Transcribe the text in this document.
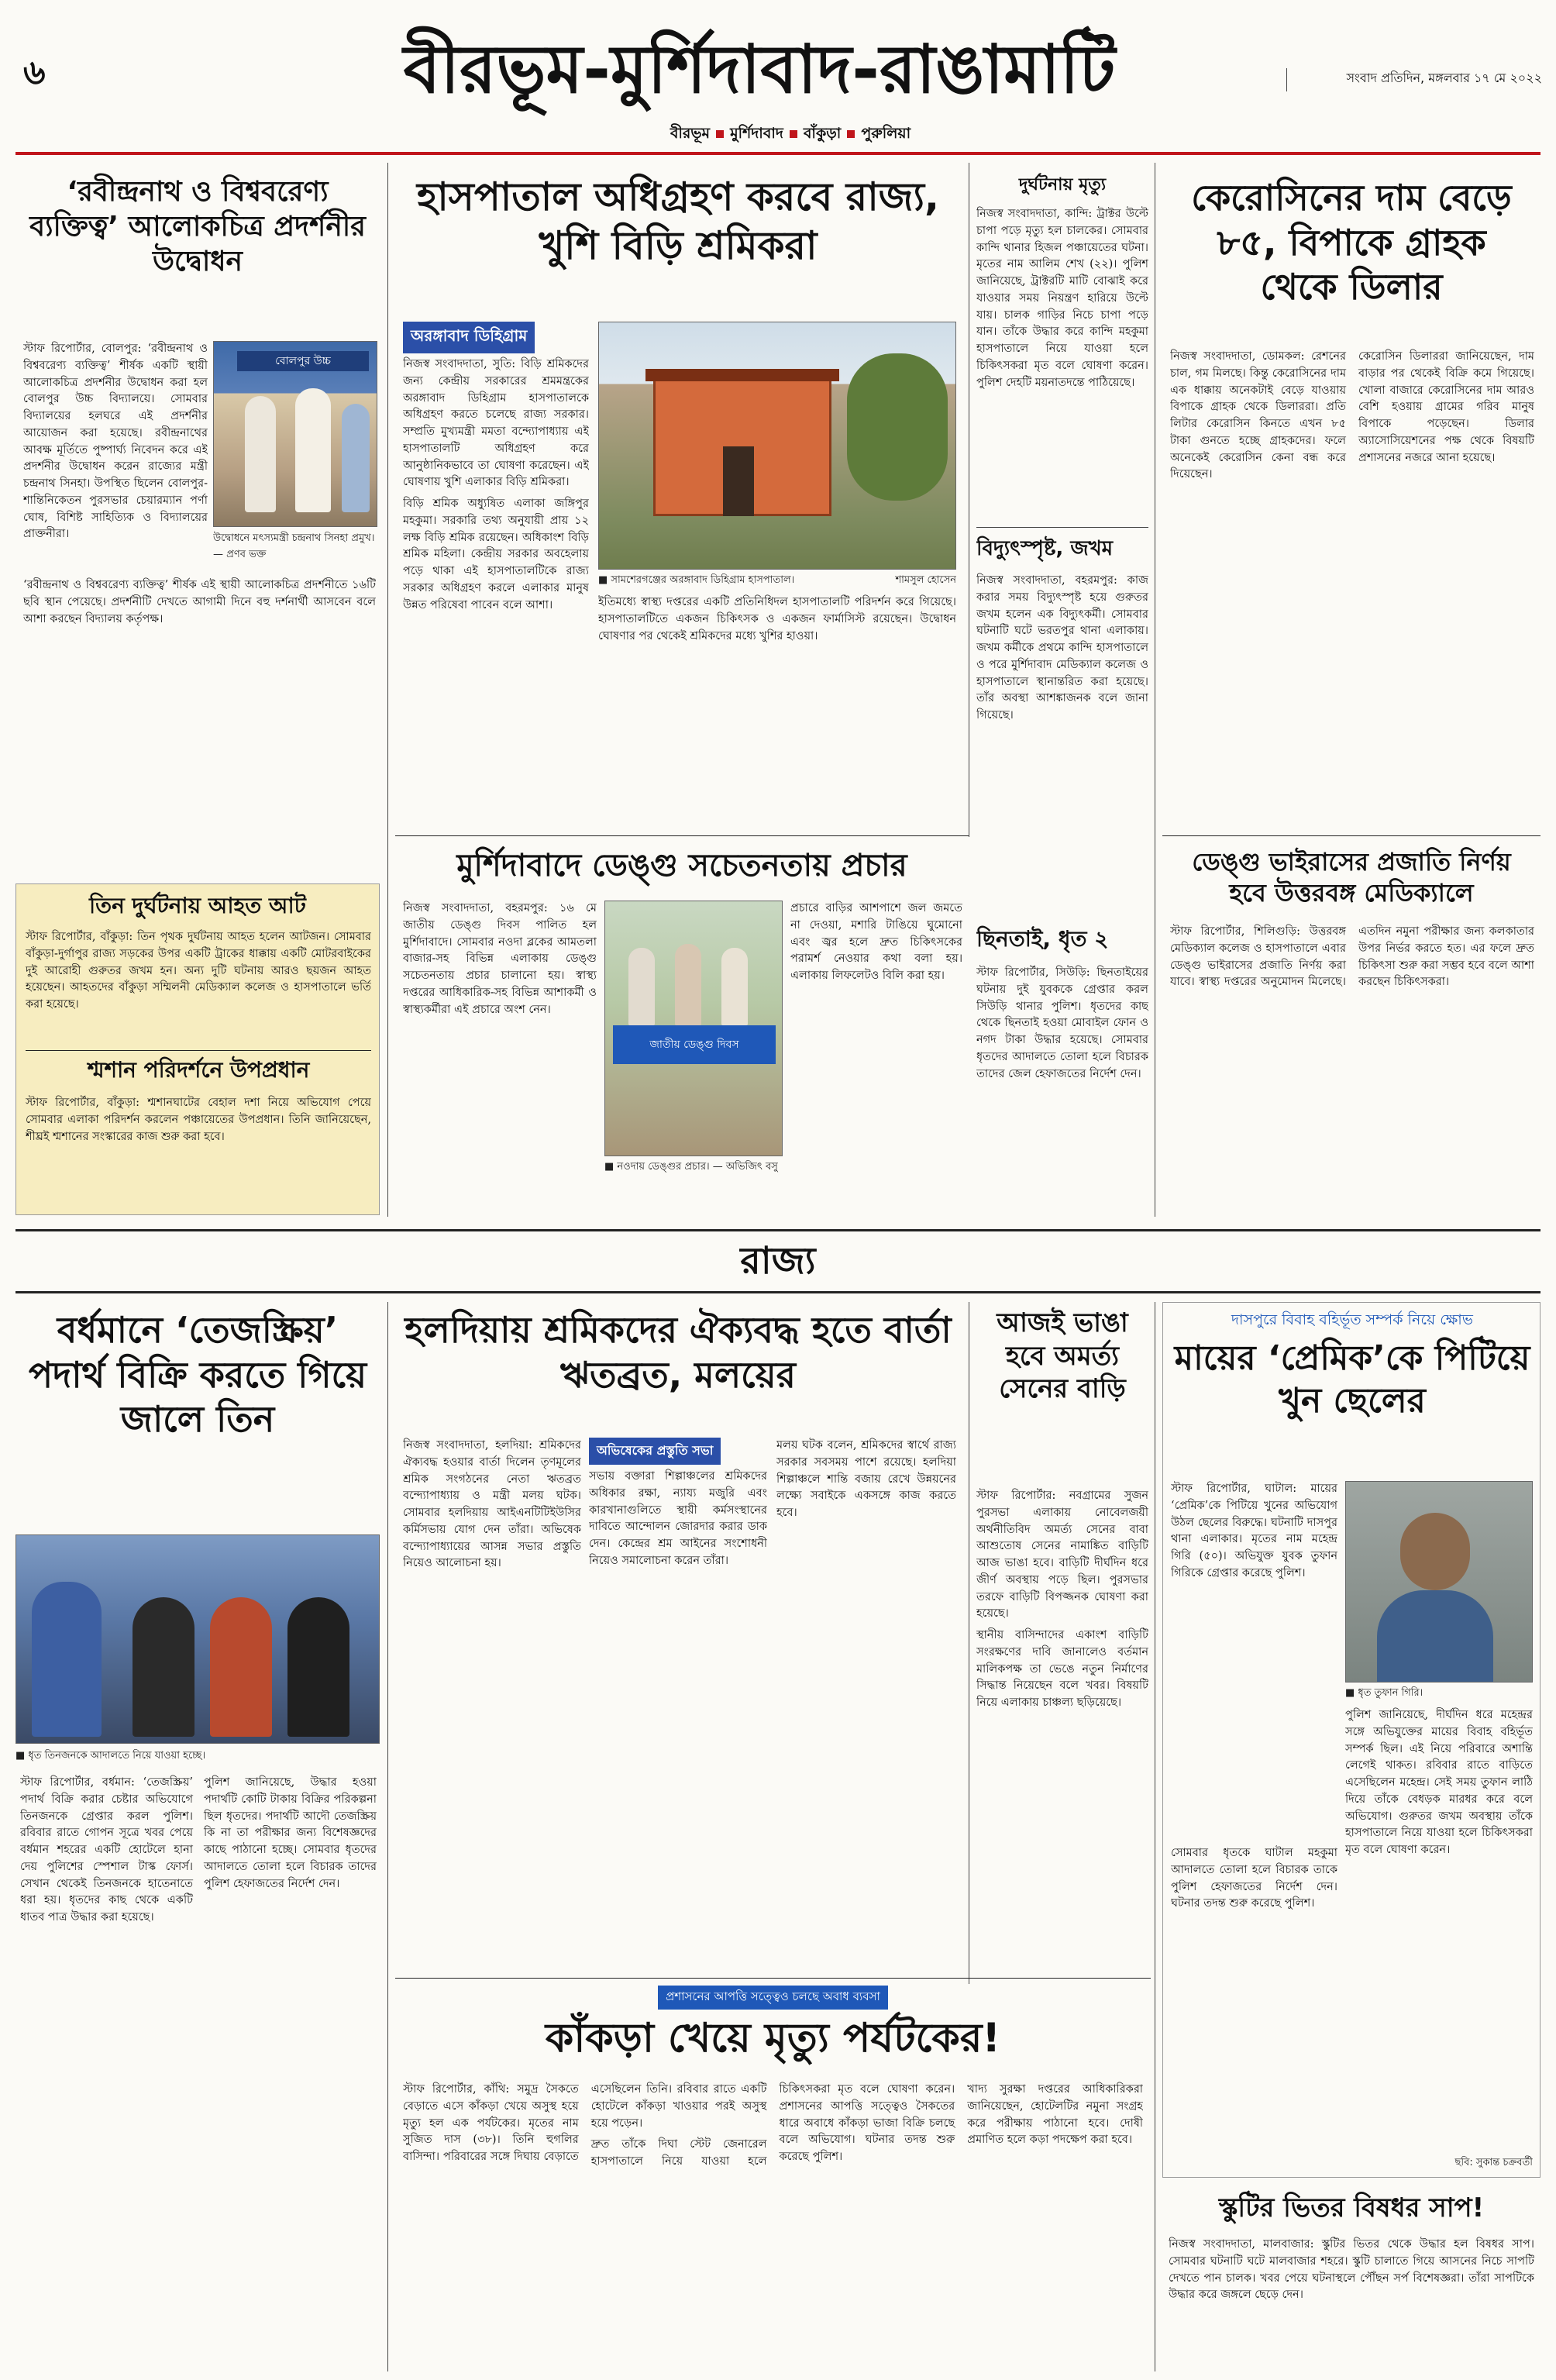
৬	বীরভূম-মুর্শিদাবাদ-রাঙামাটি	সংবাদ প্রতিদিন, মঙ্গলবার ১৭ মে ২০২২
বীরভূম মুর্শিদাবাদ বাঁকুড়া পুরুলিয়া
‘রবীন্দ্রনাথ ও বিশ্ববরেণ্য ব্যক্তিত্ব’ আলোকচিত্র প্রদর্শনীর উদ্বোধন
বোলপুর উচ্চ
উদ্বোধনে মৎস্যমন্ত্রী চন্দ্রনাথ সিনহা প্রমুখ। — প্রণব ভক্ত

স্টাফ রিপোর্টার, বোলপুর: ‘রবীন্দ্রনাথ ও বিশ্ববরেণ্য ব্যক্তিত্ব’ শীর্ষক একটি স্থায়ী আলোকচিত্র প্রদর্শনীর উদ্বোধন করা হল বোলপুর উচ্চ বিদ্যালয়ে। সোমবার বিদ্যালয়ের হলঘরে এই প্রদর্শনীর আয়োজন করা হয়েছে। রবীন্দ্রনাথের আবক্ষ মূর্তিতে পুষ্পার্ঘ্য নিবেদন করে এই প্রদর্শনীর উদ্বোধন করেন রাজ্যের মন্ত্রী চন্দ্রনাথ সিনহা। উপস্থিত ছিলেন বোলপুর-শান্তিনিকেতন পুরসভার চেয়ারম্যান পর্ণা ঘোষ, বিশিষ্ট সাহিত্যিক ও বিদ্যালয়ের প্রাক্তনীরা।

‘রবীন্দ্রনাথ ও বিশ্ববরেণ্য ব্যক্তিত্ব’ শীর্ষক এই স্থায়ী আলোকচিত্র প্রদর্শনীতে ১৬টি ছবি স্থান পেয়েছে। প্রদর্শনীটি দেখতে আগামী দিনে বহু দর্শনার্থী আসবেন বলে আশা করছেন বিদ্যালয় কর্তৃপক্ষ।

তিন দুর্ঘটনায় আহত আট

স্টাফ রিপোর্টার, বাঁকুড়া: তিন পৃথক দুর্ঘটনায় আহত হলেন আটজন। সোমবার বাঁকুড়া-দুর্গাপুর রাজ্য সড়কের উপর একটি ট্রাকের ধাক্কায় একটি মোটরবাইকের দুই আরোহী গুরুতর জখম হন। অন্য দুটি ঘটনায় আরও ছয়জন আহত হয়েছেন। আহতদের বাঁকুড়া সম্মিলনী মেডিক্যাল কলেজ ও হাসপাতালে ভর্তি করা হয়েছে।

শ্মশান পরিদর্শনে উপপ্রধান

স্টাফ রিপোর্টার, বাঁকুড়া: শ্মশানঘাটের বেহাল দশা নিয়ে অভিযোগ পেয়ে সোমবার এলাকা পরিদর্শন করলেন পঞ্চায়েতের উপপ্রধান। তিনি জানিয়েছেন, শীঘ্রই শ্মশানের সংস্কারের কাজ শুরু করা হবে।

হাসপাতাল অধিগ্রহণ করবে রাজ্য, খুশি বিড়ি শ্রমিকরা
অরঙ্গাবাদ ডিহিগ্রাম

নিজস্ব সংবাদদাতা, সুতি: বিড়ি শ্রমিকদের জন্য কেন্দ্রীয় সরকারের শ্রমমন্ত্রকের অরঙ্গাবাদ ডিহিগ্রাম হাসপাতালকে অধিগ্রহণ করতে চলেছে রাজ্য সরকার। সম্প্রতি মুখ্যমন্ত্রী মমতা বন্দ্যোপাধ্যায় এই হাসপাতালটি অধিগ্রহণ করে আনুষ্ঠানিকভাবে তা ঘোষণা করেছেন। এই ঘোষণায় খুশি এলাকার বিড়ি শ্রমিকরা।

বিড়ি শ্রমিক অধ্যুষিত এলাকা জঙ্গিপুর মহকুমা। সরকারি তথ্য অনুযায়ী প্রায় ১২ লক্ষ বিড়ি শ্রমিক রয়েছেন। অধিকাংশ বিড়ি শ্রমিক মহিলা। কেন্দ্রীয় সরকার অবহেলায় পড়ে থাকা এই হাসপাতালটিকে রাজ্য সরকার অধিগ্রহণ করলে এলাকার মানুষ উন্নত পরিষেবা পাবেন বলে আশা।

■ সামশেরগঞ্জের অরঙ্গাবাদ ডিহিগ্রাম হাসপাতাল।	শামসুল হোসেন

ইতিমধ্যে স্বাস্থ্য দপ্তরের একটি প্রতিনিধিদল হাসপাতালটি পরিদর্শন করে গিয়েছে। হাসপাতালটিতে একজন চিকিৎসক ও একজন ফার্মাসিস্ট রয়েছেন। উদ্বোধন ঘোষণার পর থেকেই শ্রমিকদের মধ্যে খুশির হাওয়া।

দুর্ঘটনায় মৃত্যু

নিজস্ব সংবাদদাতা, কান্দি: ট্রাক্টর উল্টে চাপা পড়ে মৃত্যু হল চালকের। সোমবার কান্দি থানার হিজল পঞ্চায়েতের ঘটনা। মৃতের নাম আলিম শেখ (২২)। পুলিশ জানিয়েছে, ট্রাক্টরটি মাটি বোঝাই করে যাওয়ার সময় নিয়ন্ত্রণ হারিয়ে উল্টে যায়। চালক গাড়ির নিচে চাপা পড়ে যান। তাঁকে উদ্ধার করে কান্দি মহকুমা হাসপাতালে নিয়ে যাওয়া হলে চিকিৎসকরা মৃত বলে ঘোষণা করেন। পুলিশ দেহটি ময়নাতদন্তে পাঠিয়েছে।

বিদ্যুৎস্পৃষ্ট, জখম

নিজস্ব সংবাদদাতা, বহরমপুর: কাজ করার সময় বিদ্যুৎস্পৃষ্ট হয়ে গুরুতর জখম হলেন এক বিদ্যুৎকর্মী। সোমবার ঘটনাটি ঘটে ভরতপুর থানা এলাকায়। জখম কর্মীকে প্রথমে কান্দি হাসপাতালে ও পরে মুর্শিদাবাদ মেডিক্যাল কলেজ ও হাসপাতালে স্থানান্তরিত করা হয়েছে। তাঁর অবস্থা আশঙ্কাজনক বলে জানা গিয়েছে।

ছিনতাই, ধৃত ২

স্টাফ রিপোর্টার, সিউড়ি: ছিনতাইয়ের ঘটনায় দুই যুবককে গ্রেপ্তার করল সিউড়ি থানার পুলিশ। ধৃতদের কাছ থেকে ছিনতাই হওয়া মোবাইল ফোন ও নগদ টাকা উদ্ধার হয়েছে। সোমবার ধৃতদের আদালতে তোলা হলে বিচারক তাদের জেল হেফাজতের নির্দেশ দেন।

কেরোসিনের দাম বেড়ে ৮৫, বিপাকে গ্রাহক থেকে ডিলার

নিজস্ব সংবাদদাতা, ডোমকল: রেশনের চাল, গম মিলছে। কিন্তু কেরোসিনের দাম এক ধাক্কায় অনেকটাই বেড়ে যাওয়ায় বিপাকে গ্রাহক থেকে ডিলাররা। প্রতি লিটার কেরোসিন কিনতে এখন ৮৫ টাকা গুনতে হচ্ছে গ্রাহকদের। ফলে অনেকেই কেরোসিন কেনা বন্ধ করে দিয়েছেন।

কেরোসিন ডিলাররা জানিয়েছেন, দাম বাড়ার পর থেকেই বিক্রি কমে গিয়েছে। খোলা বাজারে কেরোসিনের দাম আরও বেশি হওয়ায় গ্রামের গরিব মানুষ বিপাকে পড়েছেন। ডিলার অ্যাসোসিয়েশনের পক্ষ থেকে বিষয়টি প্রশাসনের নজরে আনা হয়েছে।

মুর্শিদাবাদে ডেঙ্গু সচেতনতায় প্রচার

নিজস্ব সংবাদদাতা, বহরমপুর: ১৬ মে জাতীয় ডেঙ্গু দিবস পালিত হল মুর্শিদাবাদে। সোমবার নওদা ব্লকের আমতলা বাজার-সহ বিভিন্ন এলাকায় ডেঙ্গু সচেতনতায় প্রচার চালানো হয়। স্বাস্থ্য দপ্তরের আধিকারিক-সহ বিভিন্ন আশাকর্মী ও স্বাস্থ্যকর্মীরা এই প্রচারে অংশ নেন।

জাতীয় ডেঙ্গু দিবস
■ নওদায় ডেঙ্গুর প্রচার। — অভিজিৎ বসু

প্রচারে বাড়ির আশপাশে জল জমতে না দেওয়া, মশারি টাঙিয়ে ঘুমোনো এবং জ্বর হলে দ্রুত চিকিৎসকের পরামর্শ নেওয়ার কথা বলা হয়। এলাকায় লিফলেটও বিলি করা হয়।

ডেঙ্গু ভাইরাসের প্রজাতি নির্ণয় হবে উত্তরবঙ্গ মেডিক্যালে

স্টাফ রিপোর্টার, শিলিগুড়ি: উত্তরবঙ্গ মেডিক্যাল কলেজ ও হাসপাতালে এবার ডেঙ্গু ভাইরাসের প্রজাতি নির্ণয় করা যাবে। স্বাস্থ্য দপ্তরের অনুমোদন মিলেছে। এতদিন নমুনা পরীক্ষার জন্য কলকাতার উপর নির্ভর করতে হত। এর ফলে দ্রুত চিকিৎসা শুরু করা সম্ভব হবে বলে আশা করছেন চিকিৎসকরা।

রাজ্য
বর্ধমানে ‘তেজস্ক্রিয়’ পদার্থ বিক্রি করতে গিয়ে জালে তিন
■ ধৃত তিনজনকে আদালতে নিয়ে যাওয়া হচ্ছে।

স্টাফ রিপোর্টার, বর্ধমান: ‘তেজস্ক্রিয়’ পদার্থ বিক্রি করার চেষ্টার অভিযোগে তিনজনকে গ্রেপ্তার করল পুলিশ। রবিবার রাতে গোপন সূত্রে খবর পেয়ে বর্ধমান শহরের একটি হোটেলে হানা দেয় পুলিশের স্পেশাল টাস্ক ফোর্স। সেখান থেকেই তিনজনকে হাতেনাতে ধরা হয়। ধৃতদের কাছ থেকে একটি ধাতব পাত্র উদ্ধার করা হয়েছে।

পুলিশ জানিয়েছে, উদ্ধার হওয়া পদার্থটি কোটি টাকায় বিক্রির পরিকল্পনা ছিল ধৃতদের। পদার্থটি আদৌ তেজস্ক্রিয় কি না তা পরীক্ষার জন্য বিশেষজ্ঞদের কাছে পাঠানো হচ্ছে। সোমবার ধৃতদের আদালতে তোলা হলে বিচারক তাদের পুলিশ হেফাজতের নির্দেশ দেন।

হলদিয়ায় শ্রমিকদের ঐক্যবদ্ধ হতে বার্তা ঋতব্রত, মলয়ের

নিজস্ব সংবাদদাতা, হলদিয়া: শ্রমিকদের ঐক্যবদ্ধ হওয়ার বার্তা দিলেন তৃণমূলের শ্রমিক সংগঠনের নেতা ঋতব্রত বন্দ্যোপাধ্যায় ও মন্ত্রী মলয় ঘটক। সোমবার হলদিয়ায় আইএনটিটিইউসির কর্মিসভায় যোগ দেন তাঁরা। অভিষেক বন্দ্যোপাধ্যায়ের আসন্ন সভার প্রস্তুতি নিয়েও আলোচনা হয়।

অভিষেকের প্রস্তুতি সভা

সভায় বক্তারা শিল্পাঞ্চলের শ্রমিকদের অধিকার রক্ষা, ন্যায্য মজুরি এবং কারখানাগুলিতে স্থায়ী কর্মসংস্থানের দাবিতে আন্দোলন জোরদার করার ডাক দেন। কেন্দ্রের শ্রম আইনের সংশোধনী নিয়েও সমালোচনা করেন তাঁরা।

মলয় ঘটক বলেন, শ্রমিকদের স্বার্থে রাজ্য সরকার সবসময় পাশে রয়েছে। হলদিয়া শিল্পাঞ্চলে শান্তি বজায় রেখে উন্নয়নের লক্ষ্যে সবাইকে একসঙ্গে কাজ করতে হবে।

আজই ভাঙা হবে অমর্ত্য সেনের বাড়ি

স্টাফ রিপোর্টার: নবগ্রামের সুজন পুরসভা এলাকায় নোবেলজয়ী অর্থনীতিবিদ অমর্ত্য সেনের বাবা আশুতোষ সেনের নামাঙ্কিত বাড়িটি আজ ভাঙা হবে। বাড়িটি দীর্ঘদিন ধরে জীর্ণ অবস্থায় পড়ে ছিল। পুরসভার তরফে বাড়িটি বিপজ্জনক ঘোষণা করা হয়েছে।

স্থানীয় বাসিন্দাদের একাংশ বাড়িটি সংরক্ষণের দাবি জানালেও বর্তমান মালিকপক্ষ তা ভেঙে নতুন নির্মাণের সিদ্ধান্ত নিয়েছেন বলে খবর। বিষয়টি নিয়ে এলাকায় চাঞ্চল্য ছড়িয়েছে।

প্রশাসনের আপত্তি সত্ত্বেও চলছে অবাধ ব্যবসা
কাঁকড়া খেয়ে মৃত্যু পর্যটকের!

স্টাফ রিপোর্টার, কাঁথি: সমুদ্র সৈকতে বেড়াতে এসে কাঁকড়া খেয়ে অসুস্থ হয়ে মৃত্যু হল এক পর্যটকের। মৃতের নাম সুজিত দাস (৩৮)। তিনি হুগলির বাসিন্দা। পরিবারের সঙ্গে দিঘায় বেড়াতে এসেছিলেন তিনি। রবিবার রাতে একটি হোটেলে কাঁকড়া খাওয়ার পরই অসুস্থ হয়ে পড়েন।

দ্রুত তাঁকে দিঘা স্টেট জেনারেল হাসপাতালে নিয়ে যাওয়া হলে চিকিৎসকরা মৃত বলে ঘোষণা করেন। প্রশাসনের আপত্তি সত্ত্বেও সৈকতের ধারে অবাধে কাঁকড়া ভাজা বিক্রি চলছে বলে অভিযোগ। ঘটনার তদন্ত শুরু করেছে পুলিশ।

খাদ্য সুরক্ষা দপ্তরের আধিকারিকরা জানিয়েছেন, হোটেলটির নমুনা সংগ্রহ করে পরীক্ষায় পাঠানো হবে। দোষী প্রমাণিত হলে কড়া পদক্ষেপ করা হবে।

দাসপুরে বিবাহ বহির্ভূত সম্পর্ক নিয়ে ক্ষোভ
মায়ের ‘প্রেমিক’কে পিটিয়ে খুন ছেলের

স্টাফ রিপোর্টার, ঘাটাল: মায়ের ‘প্রেমিক’কে পিটিয়ে খুনের অভিযোগ উঠল ছেলের বিরুদ্ধে। ঘটনাটি দাসপুর থানা এলাকার। মৃতের নাম মহেন্দ্র গিরি (৫০)। অভিযুক্ত যুবক তুফান গিরিকে গ্রেপ্তার করেছে পুলিশ।

■ ধৃত তুফান গিরি।

পুলিশ জানিয়েছে, দীর্ঘদিন ধরে মহেন্দ্রর সঙ্গে অভিযুক্তের মায়ের বিবাহ বহির্ভূত সম্পর্ক ছিল। এই নিয়ে পরিবারে অশান্তি লেগেই থাকত। রবিবার রাতে বাড়িতে এসেছিলেন মহেন্দ্র। সেই সময় তুফান লাঠি দিয়ে তাঁকে বেধড়ক মারধর করে বলে অভিযোগ। গুরুতর জখম অবস্থায় তাঁকে হাসপাতালে নিয়ে যাওয়া হলে চিকিৎসকরা মৃত বলে ঘোষণা করেন।

সোমবার ধৃতকে ঘাটাল মহকুমা আদালতে তোলা হলে বিচারক তাকে পুলিশ হেফাজতের নির্দেশ দেন। ঘটনার তদন্ত শুরু করেছে পুলিশ।

ছবি: সুকান্ত চক্রবর্তী
স্কুটির ভিতর বিষধর সাপ!

নিজস্ব সংবাদদাতা, মালবাজার: স্কুটির ভিতর থেকে উদ্ধার হল বিষধর সাপ। সোমবার ঘটনাটি ঘটে মালবাজার শহরে। স্কুটি চালাতে গিয়ে আসনের নিচে সাপটি দেখতে পান চালক। খবর পেয়ে ঘটনাস্থলে পৌঁছন সর্প বিশেষজ্ঞরা। তাঁরা সাপটিকে উদ্ধার করে জঙ্গলে ছেড়ে দেন।
